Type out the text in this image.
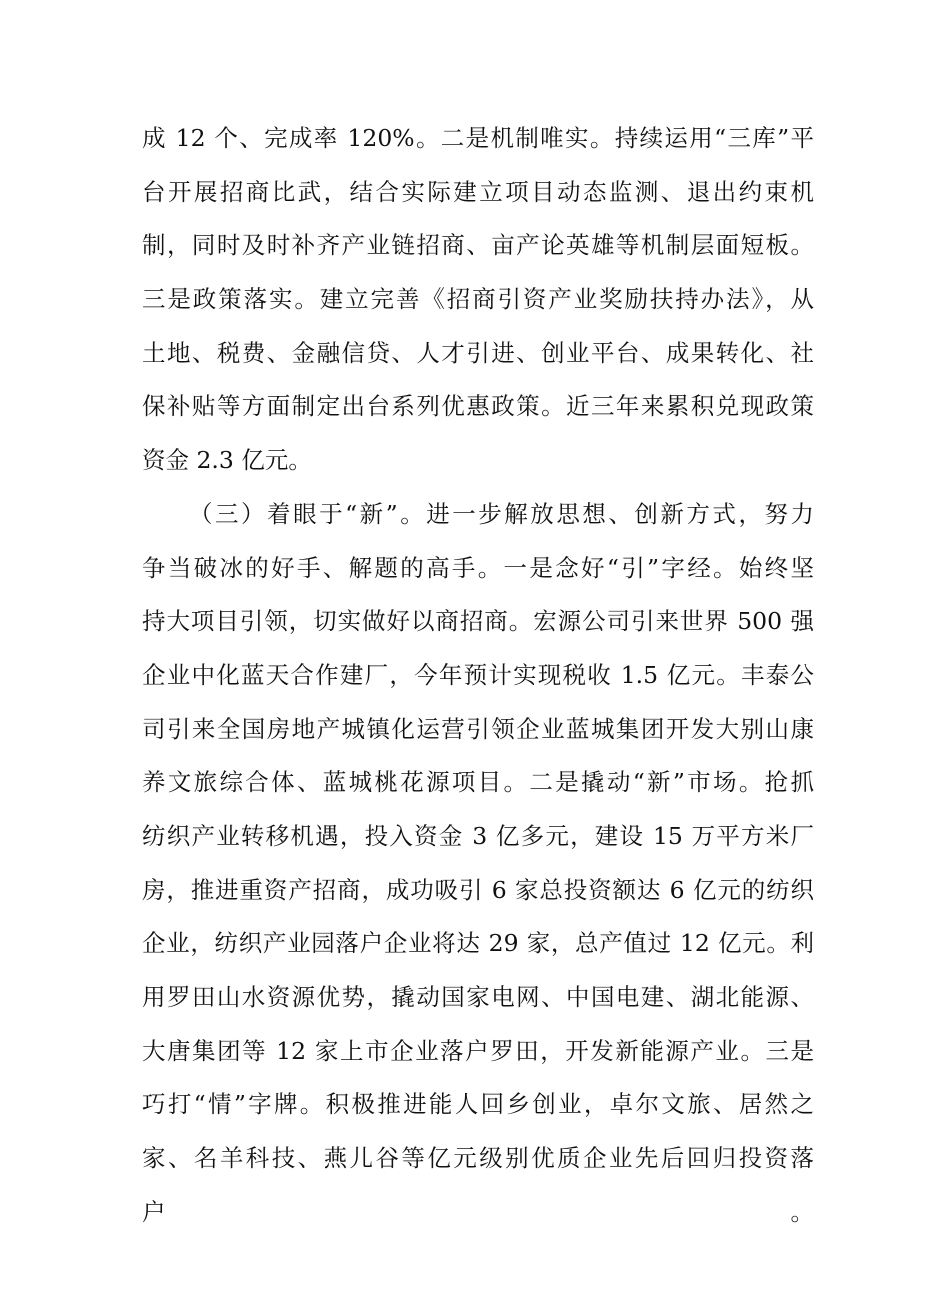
成 12 个、完成率 120%。二是机制唯实。持续运用“三库”平
台开展招商比武，结合实际建立项目动态监测、退出约束机
制，同时及时补齐产业链招商、亩产论英雄等机制层面短板。
三是政策落实。建立完善《招商引资产业奖励扶持办法》，从
土地、税费、金融信贷、人才引进、创业平台、成果转化、社
保补贴等方面制定出台系列优惠政策。近三年来累积兑现政策
资金 2.3 亿元。
（三）着眼于“新”。进一步解放思想、创新方式，努力
争当破冰的好手、解题的高手。一是念好“引”字经。始终坚
持大项目引领，切实做好以商招商。宏源公司引来世界 500 强
企业中化蓝天合作建厂，今年预计实现税收 1.5 亿元。丰泰公
司引来全国房地产城镇化运营引领企业蓝城集团开发大别山康
养文旅综合体、蓝城桃花源项目。二是撬动“新”市场。抢抓
纺织产业转移机遇，投入资金 3 亿多元，建设 15 万平方米厂
房，推进重资产招商，成功吸引 6 家总投资额达 6 亿元的纺织
企业，纺织产业园落户企业将达 29 家，总产值过 12 亿元。利
用罗田山水资源优势，撬动国家电网、中国电建、湖北能源、
大唐集团等 12 家上市企业落户罗田，开发新能源产业。三是
巧打“情”字牌。积极推进能人回乡创业，卓尔文旅、居然之
家、名羊科技、燕儿谷等亿元级别优质企业先后回归投资落
户。
